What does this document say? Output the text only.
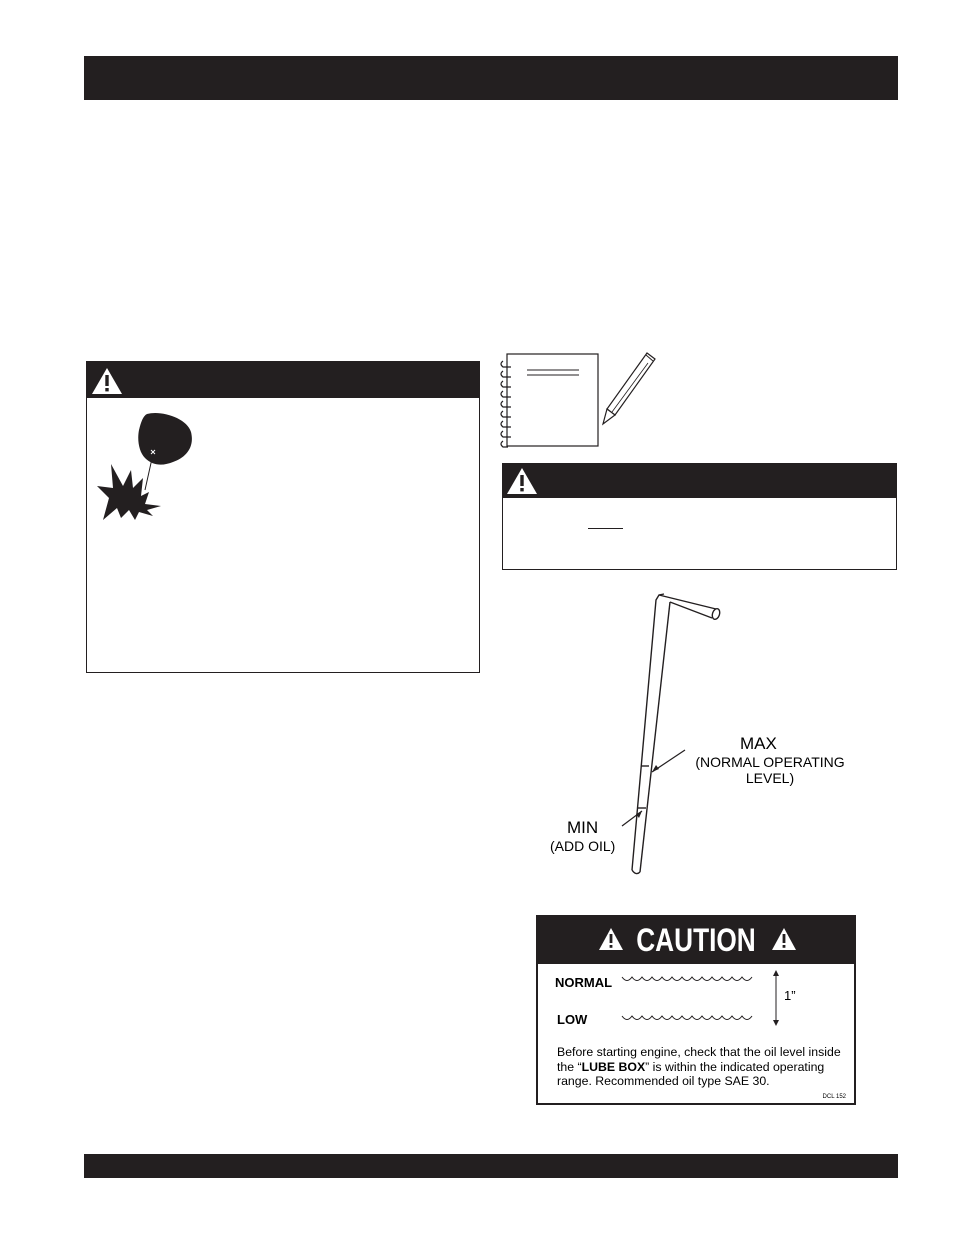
MAX
(NORMAL OPERATING
LEVEL)
MIN
(ADD OIL)
CAUTION
NORMAL
LOW
1”
Before starting engine, check that the oil level inside the “LUBE BOX” is within the indicated operating range. Recommended oil type SAE 30.
DCL 152
